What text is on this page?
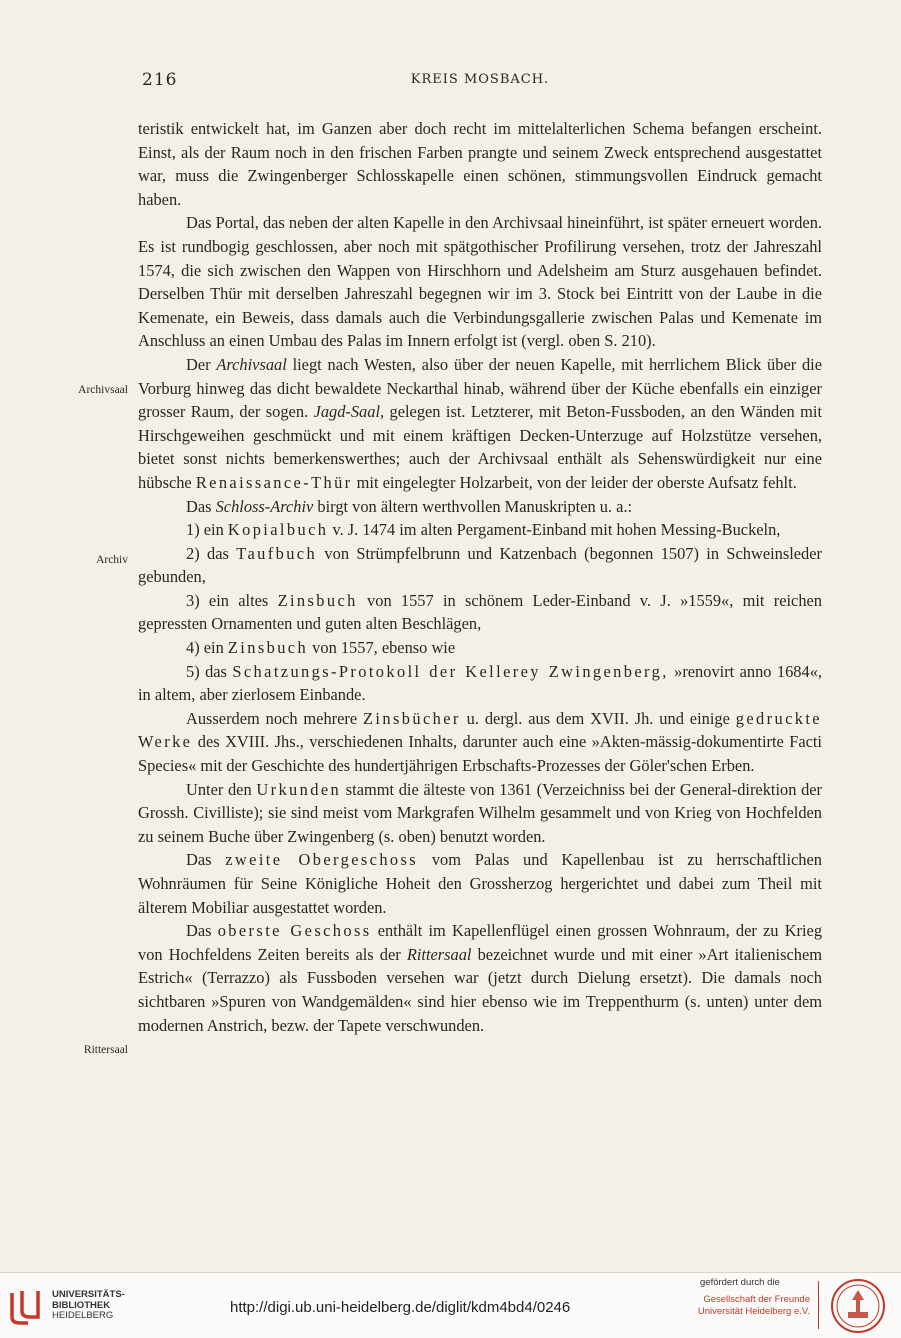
216	KREIS MOSBACH.
Archivsaal
Archiv
Rittersaal

teristik entwickelt hat, im Ganzen aber doch recht im mittelalterlichen Schema befangen erscheint. Einst, als der Raum noch in den frischen Farben prangte und seinem Zweck entsprechend ausgestattet war, muss die Zwingenberger Schlosskapelle einen schönen, stimmungsvollen Eindruck gemacht haben.

Das Portal, das neben der alten Kapelle in den Archivsaal hineinführt, ist später erneuert worden. Es ist rundbogig geschlossen, aber noch mit spätgothischer Profilirung versehen, trotz der Jahreszahl 1574, die sich zwischen den Wappen von Hirschhorn und Adelsheim am Sturz ausgehauen befindet. Derselben Thür mit derselben Jahreszahl begegnen wir im 3. Stock bei Eintritt von der Laube in die Kemenate, ein Beweis, dass damals auch die Verbindungsgallerie zwischen Palas und Kemenate im Anschluss an einen Umbau des Palas im Innern erfolgt ist (vergl. oben S. 210).

Der Archivsaal liegt nach Westen, also über der neuen Kapelle, mit herrlichem Blick über die Vorburg hinweg das dicht bewaldete Neckarthal hinab, während über der Küche ebenfalls ein einziger grosser Raum, der sogen. Jagd-Saal, gelegen ist. Letzterer, mit Beton-Fussboden, an den Wänden mit Hirschgeweihen geschmückt und mit einem kräftigen Decken-Unterzuge auf Holzstütze versehen, bietet sonst nichts bemerkenswerthes; auch der Archivsaal enthält als Sehenswürdigkeit nur eine hübsche Renaissance-Thür mit eingelegter Holzarbeit, von der leider der oberste Aufsatz fehlt.

Das Schloss-Archiv birgt von ältern werthvollen Manuskripten u. a.:

1) ein Kopialbuch v. J. 1474 im alten Pergament-Einband mit hohen Messing-Buckeln,

2) das Taufbuch von Strümpfelbrunn und Katzenbach (begonnen 1507) in Schweinsleder gebunden,

3) ein altes Zinsbuch von 1557 in schönem Leder-Einband v. J. »1559«, mit reichen gepressten Ornamenten und guten alten Beschlägen,

4) ein Zinsbuch von 1557, ebenso wie

5) das Schatzungs-Protokoll der Kellerey Zwingenberg, »renovirt anno 1684«, in altem, aber zierlosem Einbande.

Ausserdem noch mehrere Zinsbücher u. dergl. aus dem XVII. Jh. und einige gedruckte Werke des XVIII. Jhs., verschiedenen Inhalts, darunter auch eine »Akten-mässig-dokumentirte Facti Species« mit der Geschichte des hundertjährigen Erbschafts-Prozesses der Göler'schen Erben.

Unter den Urkunden stammt die älteste von 1361 (Verzeichniss bei der General-direktion der Grossh. Civilliste); sie sind meist vom Markgrafen Wilhelm gesammelt und von Krieg von Hochfelden zu seinem Buche über Zwingenberg (s. oben) benutzt worden.

Das zweite Obergeschoss vom Palas und Kapellenbau ist zu herrschaftlichen Wohnräumen für Seine Königliche Hoheit den Grossherzog hergerichtet und dabei zum Theil mit älterem Mobiliar ausgestattet worden.

Das oberste Geschoss enthält im Kapellenflügel einen grossen Wohnraum, der zu Krieg von Hochfeldens Zeiten bereits als der Rittersaal bezeichnet wurde und mit einer »Art italienischem Estrich« (Terrazzo) als Fussboden versehen war (jetzt durch Dielung ersetzt). Die damals noch sichtbaren »Spuren von Wandgemälden« sind hier ebenso wie im Treppenthurm (s. unten) unter dem modernen Anstrich, bezw. der Tapete verschwunden.

UNIVERSITÄTS-
BIBLIOTHEK
HEIDELBERG	http://digi.ub.uni-heidelberg.de/diglit/kdm4bd4/0246
gefördert durch die
Gesellschaft der Freunde
Universität Heidelberg e.V.
